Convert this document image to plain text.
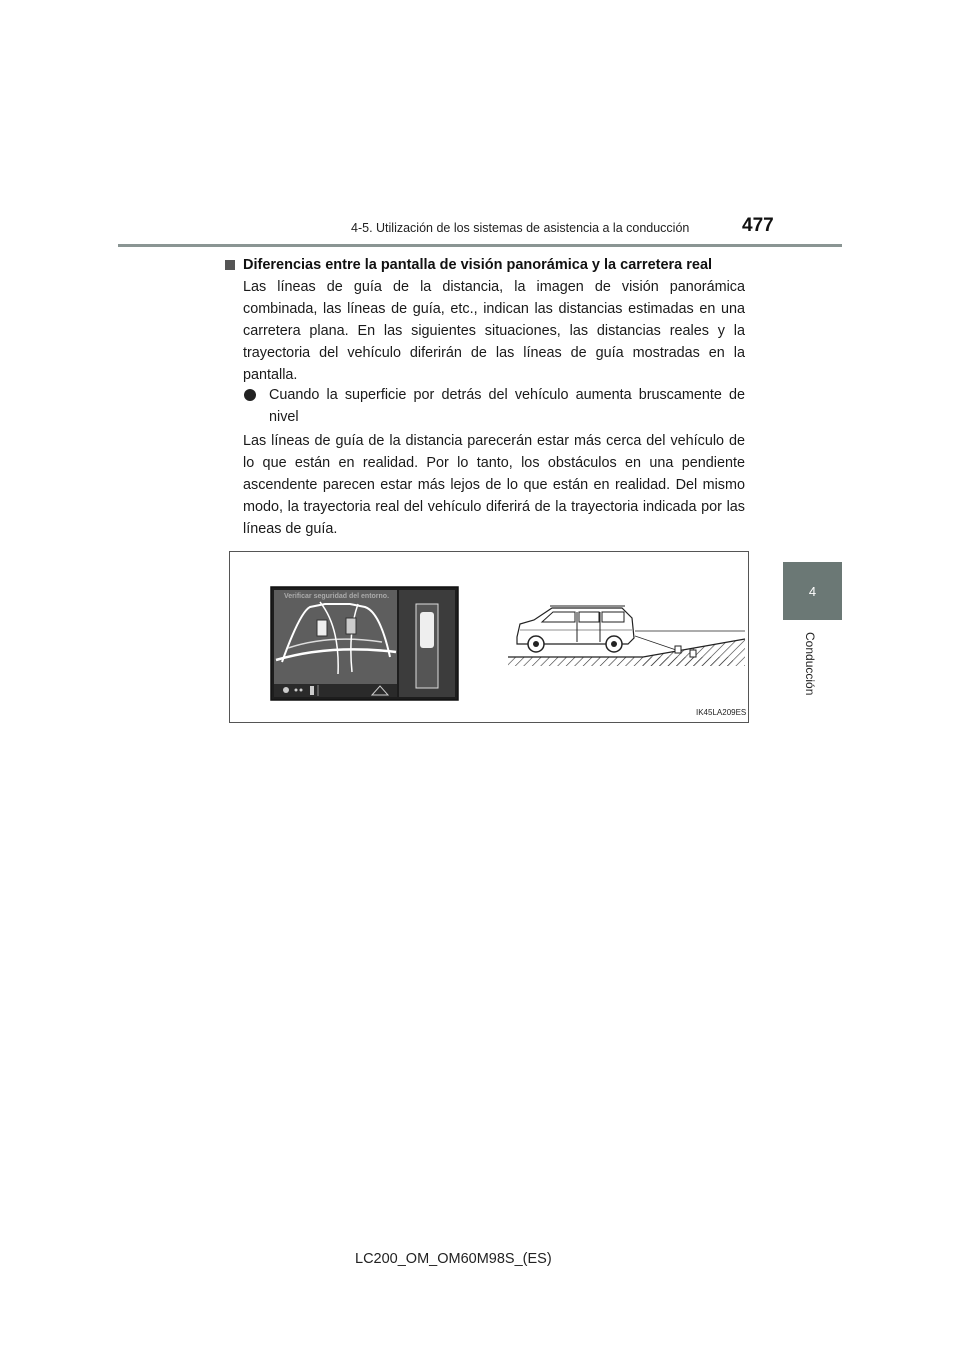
4-5. Utilización de los sistemas de asistencia a la conducción	477
4
Conducción
Diferencias entre la pantalla de visión panorámica y la carretera real

Las líneas de guía de la distancia, la imagen de visión panorámica combinada, las líneas de guía, etc., indican las distancias estimadas en una carretera plana. En las siguientes situaciones, las distancias reales y la trayectoria del vehículo diferirán de las líneas de guía mostradas en la pantalla.

Cuando la superficie por detrás del vehículo aumenta bruscamente de nivel

Las líneas de guía de la distancia parecerán estar más cerca del vehículo de lo que están en realidad. Por lo tanto, los obstáculos en una pendiente ascendente parecen estar más lejos de lo que están en realidad. Del mismo modo, la trayectoria real del vehículo diferirá de la trayectoria indicada por las líneas de guía.

Verificar seguridad del entorno.
IK45LA209ES
LC200_OM_OM60M98S_(ES)
